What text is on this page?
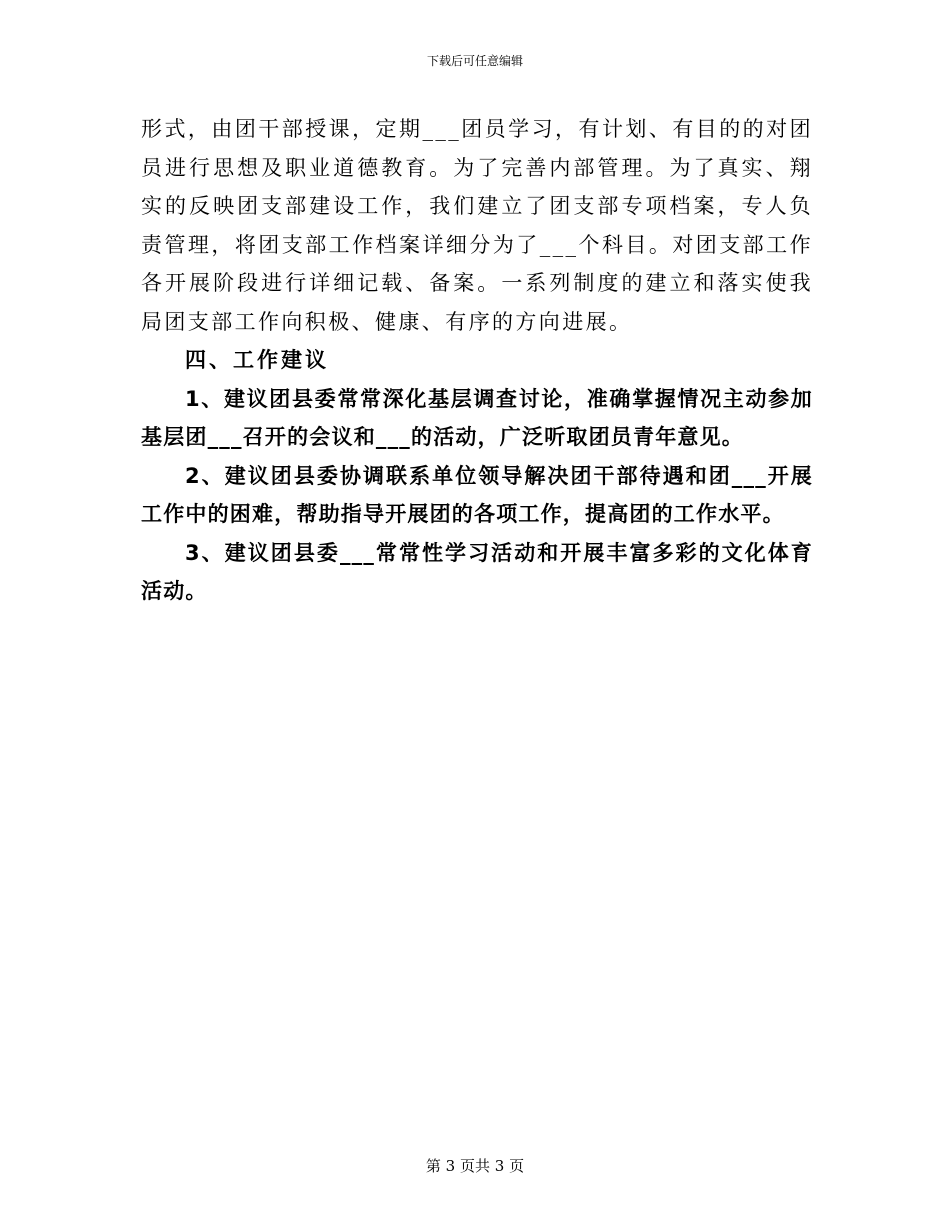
下载后可任意编辑

形式，由团干部授课，定期___团员学习，有计划、有目的的对团员进行思想及职业道德教育。为了完善内部管理。为了真实、翔实的反映团支部建设工作，我们建立了团支部专项档案，专人负责管理，将团支部工作档案详细分为了___个科目。对团支部工作各开展阶段进行详细记载、备案。一系列制度的建立和落实使我局团支部工作向积极、健康、有序的方向进展。

四、工作建议

1、建议团县委常常深化基层调查讨论，准确掌握情况主动参加基层团___召开的会议和___的活动，广泛听取团员青年意见。

2、建议团县委协调联系单位领导解决团干部待遇和团___开展工作中的困难，帮助指导开展团的各项工作，提高团的工作水平。

3、建议团县委___常常性学习活动和开展丰富多彩的文化体育活动。

第 3 页共 3 页
